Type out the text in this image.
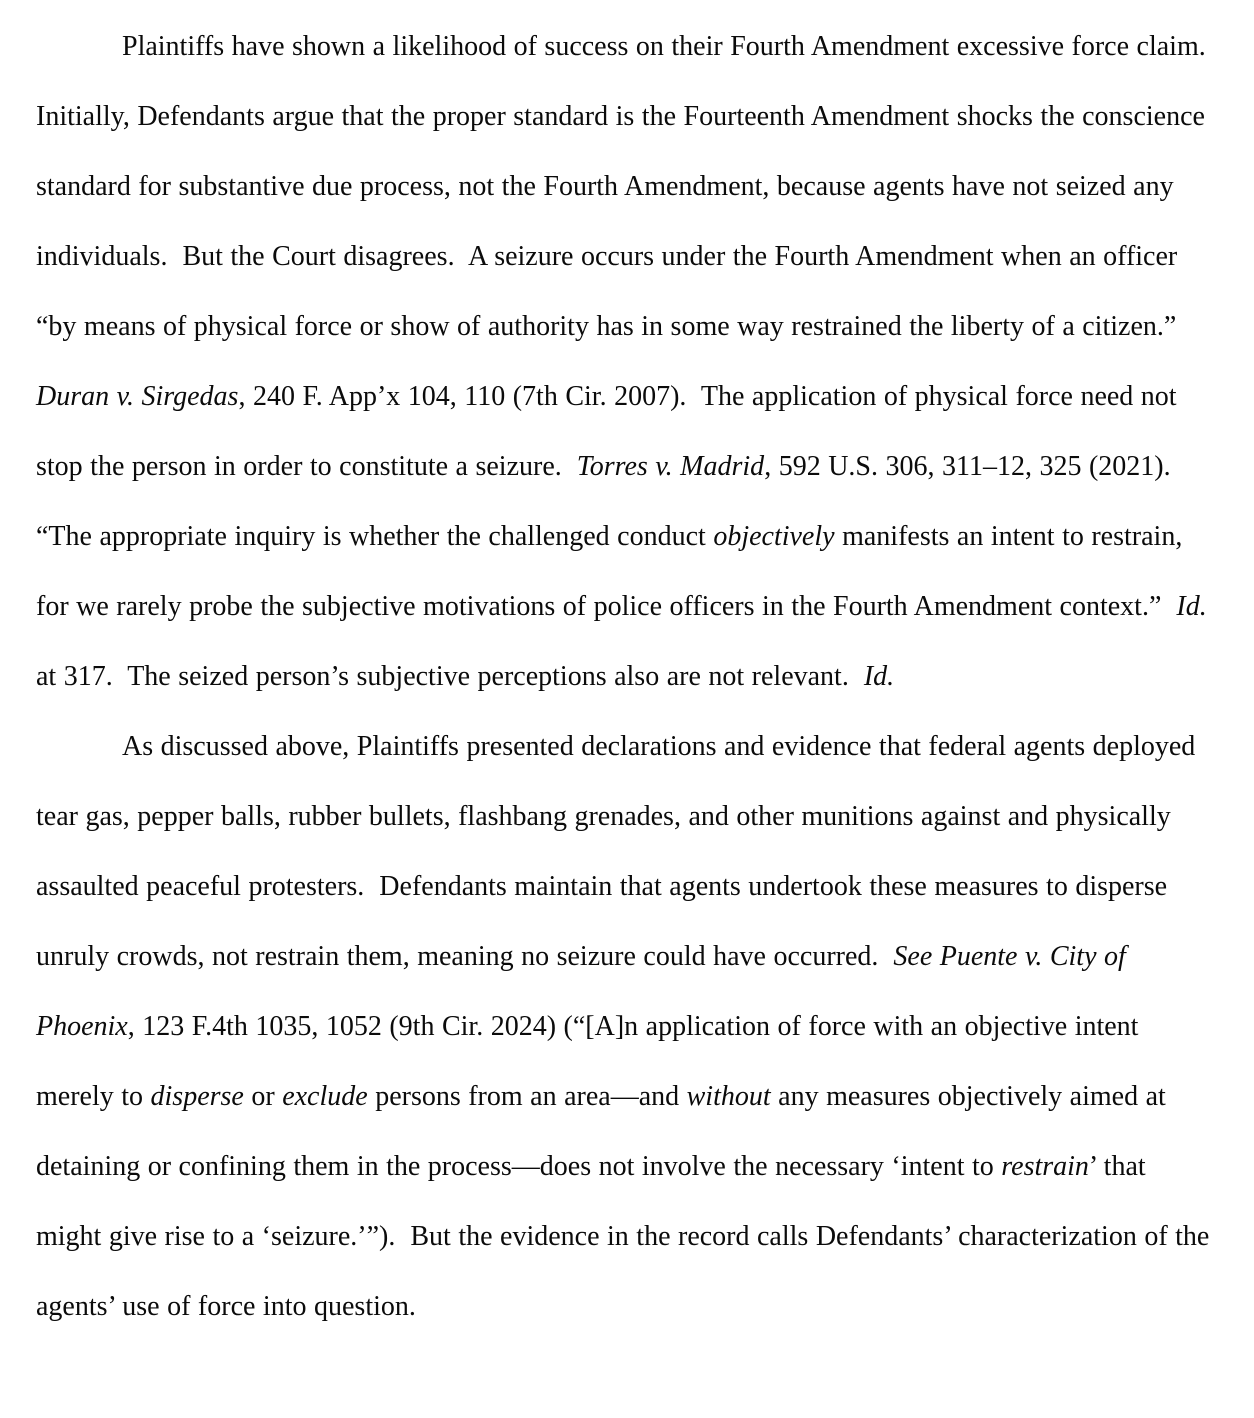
Plaintiffs have shown a likelihood of success on their Fourth Amendment excessive force claim.  Initially, Defendants argue that the proper standard is the Fourteenth Amendment shocks the conscience standard for substantive due process, not the Fourth Amendment, because agents have not seized any individuals.  But the Court disagrees.  A seizure occurs under the Fourth Amendment when an officer “by means of physical force or show of authority has in some way restrained the liberty of a citizen.”  Duran v. Sirgedas, 240 F. App’x 104, 110 (7th Cir. 2007).  The application of physical force need not stop the person in order to constitute a seizure.  Torres v. Madrid, 592 U.S. 306, 311–12, 325 (2021).  “The appropriate inquiry is whether the challenged conduct objectively manifests an intent to restrain, for we rarely probe the subjective motivations of police officers in the Fourth Amendment context.”  Id. at 317.  The seized person’s subjective perceptions also are not relevant.  Id.

As discussed above, Plaintiffs presented declarations and evidence that federal agents deployed tear gas, pepper balls, rubber bullets, flashbang grenades, and other munitions against and physically assaulted peaceful protesters.  Defendants maintain that agents undertook these measures to disperse unruly crowds, not restrain them, meaning no seizure could have occurred.  See Puente v. City of Phoenix, 123 F.4th 1035, 1052 (9th Cir. 2024) (“[A]n application of force with an objective intent merely to disperse or exclude persons from an area—and without any measures objectively aimed at detaining or confining them in the process—does not involve the necessary ‘intent to restrain’ that might give rise to a ‘seizure.’”).  But the evidence in the record calls Defendants’ characterization of the agents’ use of force into question.
